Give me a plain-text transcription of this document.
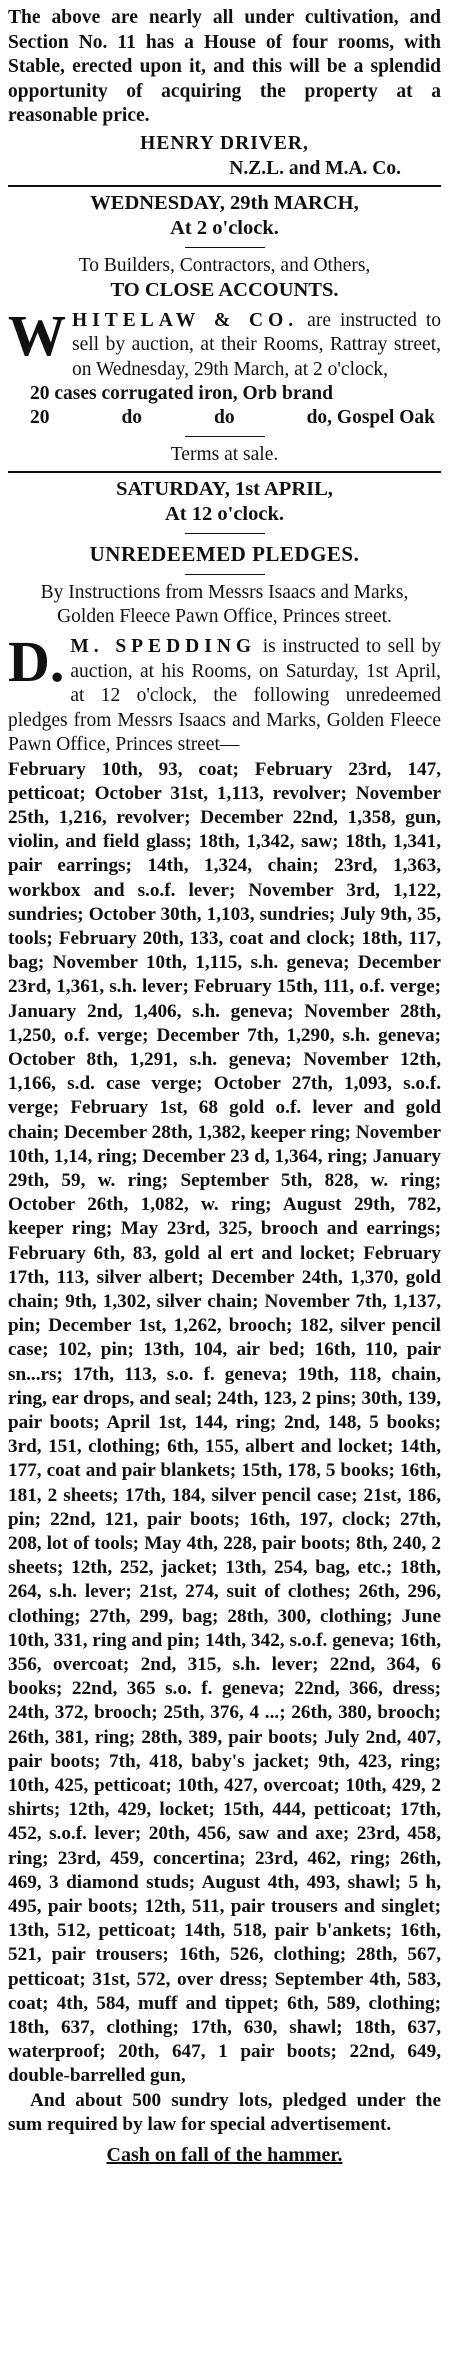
The above are nearly all under cultivation, and Section No. 11 has a House of four rooms, with Stable, erected upon it, and this will be a splendid opportunity of acquiring the property at a reasonable price.

HENRY DRIVER,

N.Z.L. and M.A. Co.

WEDNESDAY, 29th MARCH,

At 2 o'clock.

To Builders, Contractors, and Others,

TO CLOSE ACCOUNTS.

W HITELAW & CO. are instructed to sell by auction, at their Rooms, Rattray street, on Wednesday, 29th March, at 2 o'clock,
20 cases corrugated iron, Orb brand
20	do	do	do, Gospel Oak

Terms at sale.

SATURDAY, 1st APRIL,

At 12 o'clock.

UNREDEEMED PLEDGES.

By Instructions from Messrs Isaacs and Marks, Golden Fleece Pawn Office, Princes street.

D. M. SPEDDING is instructed to sell by auction, at his Rooms, on Saturday, 1st April, at 12 o'clock, the following unredeemed pledges from Messrs Isaacs and Marks, Golden Fleece Pawn Office, Princes street—

February 10th, 93, coat; February 23rd, 147, petticoat; October 31st, 1,113, revolver; November 25th, 1,216, revolver; December 22nd, 1,358, gun, violin, and field glass; 18th, 1,342, saw; 18th, 1,341, pair earrings; 14th, 1,324, chain; 23rd, 1,363, workbox and s.o.f. lever; November 3rd, 1,122, sundries; October 30th, 1,103, sundries; July 9th, 35, tools; February 20th, 133, coat and clock; 18th, 117, bag; November 10th, 1,115, s.h. geneva; December 23rd, 1,361, s.h. lever; February 15th, 111, o.f. verge; January 2nd, 1,406, s.h. geneva; November 28th, 1,250, o.f. verge; December 7th, 1,290, s.h. geneva; October 8th, 1,291, s.h. geneva; November 12th, 1,166, s.d. case verge; October 27th, 1,093, s.o.f. verge; February 1st, 68 gold o.f. lever and gold chain; December 28th, 1,382, keeper ring; November 10th, 1,14, ring; December 23 d, 1,364, ring; January 29th, 59, w. ring; September 5th, 828, w. ring; October 26th, 1,082, w. ring; August 29th, 782, keeper ring; May 23rd, 325, brooch and earrings; February 6th, 83, gold al ert and locket; February 17th, 113, silver albert; December 24th, 1,370, gold chain; 9th, 1,302, silver chain; November 7th, 1,137, pin; December 1st, 1,262, brooch; 182, silver pencil case; 102, pin; 13th, 104, air bed; 16th, 110, pair sn...rs; 17th, 113, s.o. f. geneva; 19th, 118, chain, ring, ear drops, and seal; 24th, 123, 2 pins; 30th, 139, pair boots; April 1st, 144, ring; 2nd, 148, 5 books; 3rd, 151, clothing; 6th, 155, albert and locket; 14th, 177, coat and pair blankets; 15th, 178, 5 books; 16th, 181, 2 sheets; 17th, 184, silver pencil case; 21st, 186, pin; 22nd, 121, pair boots; 16th, 197, clock; 27th, 208, lot of tools; May 4th, 228, pair boots; 8th, 240, 2 sheets; 12th, 252, jacket; 13th, 254, bag, etc.; 18th, 264, s.h. lever; 21st, 274, suit of clothes; 26th, 296, clothing; 27th, 299, bag; 28th, 300, clothing; June 10th, 331, ring and pin; 14th, 342, s.o.f. geneva; 16th, 356, overcoat; 2nd, 315, s.h. lever; 22nd, 364, 6 books; 22nd, 365 s.o. f. geneva; 22nd, 366, dress; 24th, 372, brooch; 25th, 376, 4 ...; 26th, 380, brooch; 26th, 381, ring; 28th, 389, pair boots; July 2nd, 407, pair boots; 7th, 418, baby's jacket; 9th, 423, ring; 10th, 425, petticoat; 10th, 427, overcoat; 10th, 429, 2 shirts; 12th, 429, locket; 15th, 444, petticoat; 17th, 452, s.o.f. lever; 20th, 456, saw and axe; 23rd, 458, ring; 23rd, 459, concertina; 23rd, 462, ring; 26th, 469, 3 diamond studs; August 4th, 493, shawl; 5 h, 495, pair boots; 12th, 511, pair trousers and singlet; 13th, 512, petticoat; 14th, 518, pair b'ankets; 16th, 521, pair trousers; 16th, 526, clothing; 28th, 567, petticoat; 31st, 572, over dress; September 4th, 583, coat; 4th, 584, muff and tippet; 6th, 589, clothing; 18th, 637, clothing; 17th, 630, shawl; 18th, 637, waterproof; 20th, 647, 1 pair boots; 22nd, 649, double-barrelled gun,

And about 500 sundry lots, pledged under the sum required by law for special advertisement.

Cash on fall of the hammer.
